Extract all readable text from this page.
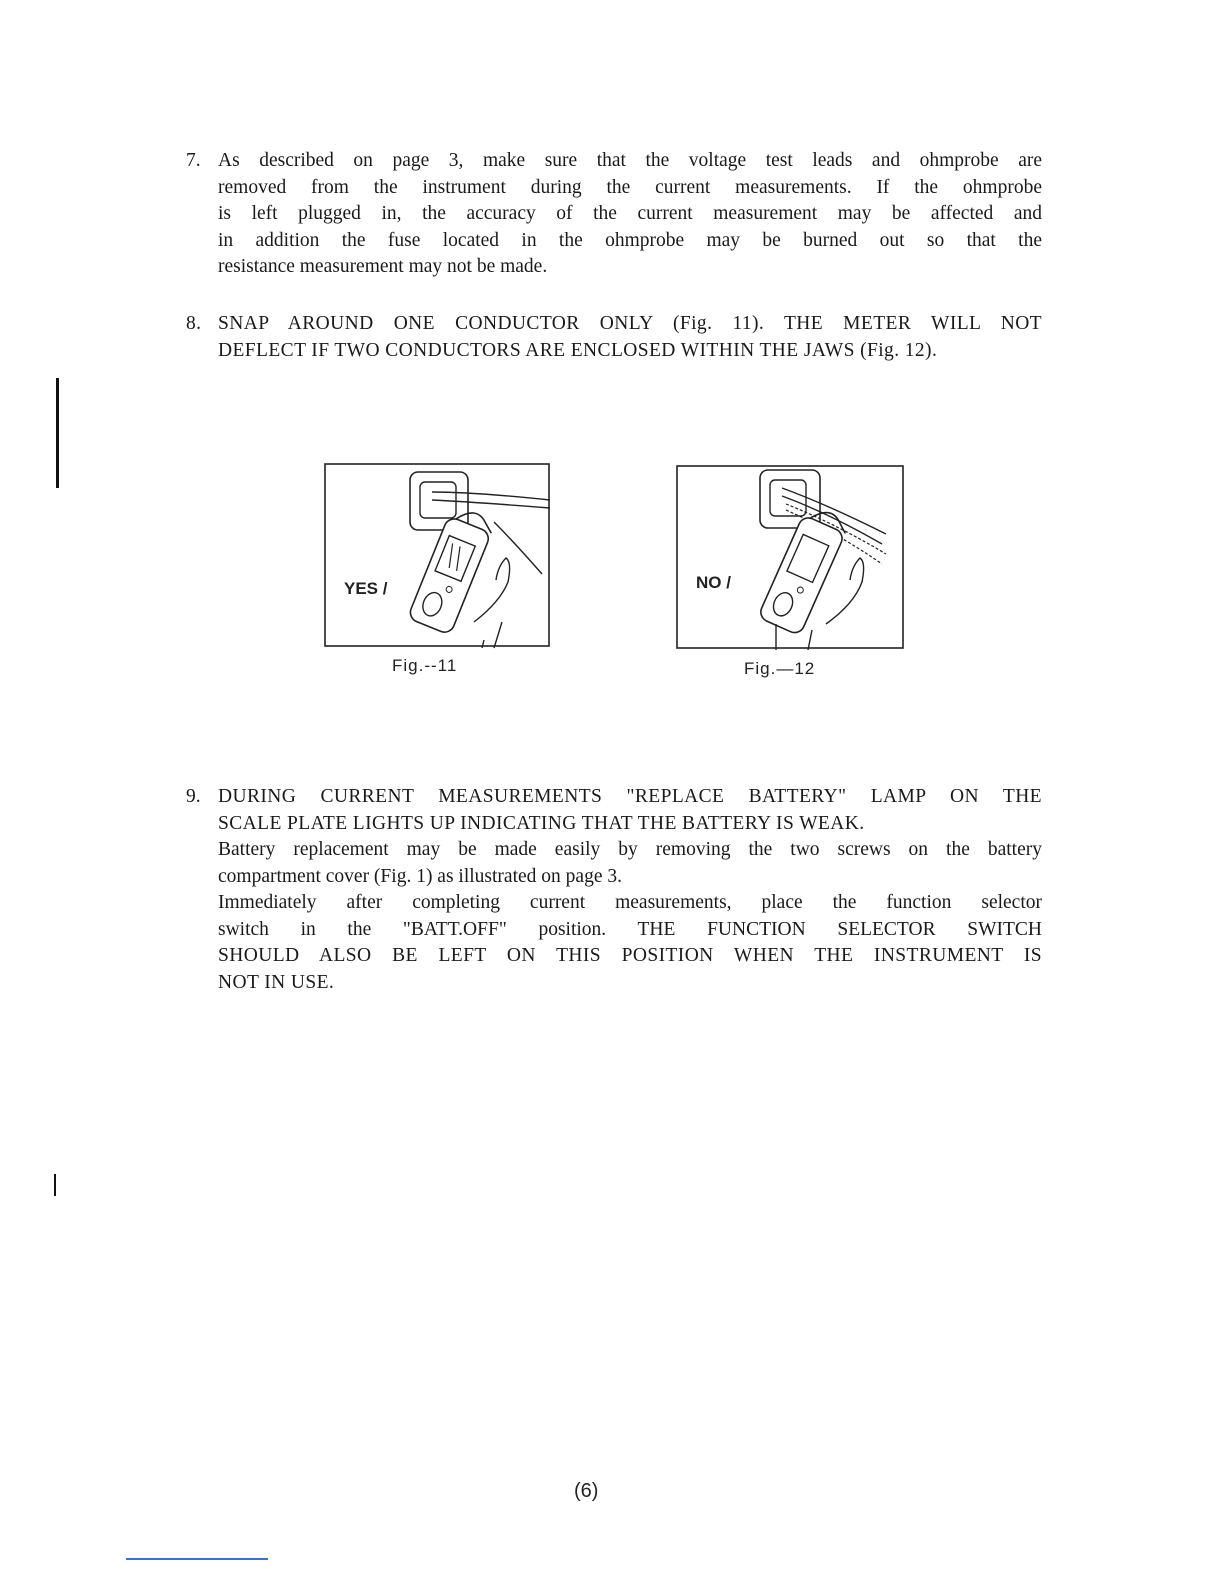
7. As described on page 3, make sure that the voltage test leads and ohmprobe are
removed from the instrument during the current measurements. If the ohmprobe
is left plugged in, the accuracy of the current measurement may be affected and
in addition the fuse located in the ohmprobe may be burned out so that the
resistance measurement may not be made.
8. SNAP AROUND ONE CONDUCTOR ONLY (Fig. 11). THE METER WILL NOT
DEFLECT IF TWO CONDUCTORS ARE ENCLOSED WITHIN THE JAWS (Fig. 12).
YES /
Fig.--11
NO /
Fig.—12
9. DURING CURRENT MEASUREMENTS "REPLACE BATTERY" LAMP ON THE
SCALE PLATE LIGHTS UP INDICATING THAT THE BATTERY IS WEAK.
Battery replacement may be made easily by removing the two screws on the battery
compartment cover (Fig. 1) as illustrated on page 3.
Immediately after completing current measurements, place the function selector
switch in the "BATT.OFF" position. THE FUNCTION SELECTOR SWITCH
SHOULD ALSO BE LEFT ON THIS POSITION WHEN THE INSTRUMENT IS
NOT IN USE.
(6)
